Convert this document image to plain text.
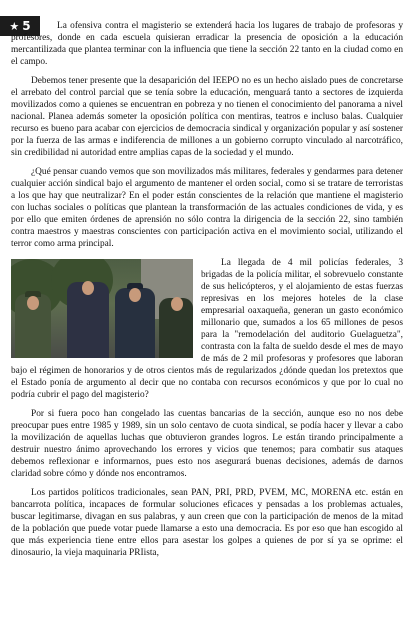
★ 5	La ofensiva contra el magisterio se extenderá hacia los lugares de trabajo de profesoras y profesores, donde en cada escuela quisieran erradicar la presencia de oposición a la educación mercantilizada que plantea terminar con la influencia que tiene la sección 22 tanto en la ciudad como en el campo.

Debemos tener presente que la desaparición del IEEPO no es un hecho aislado pues de concretarse el arrebato del control parcial que se tenía sobre la educación, menguará tanto a sectores de izquierda movilizados como a quienes se encuentran en pobreza y no tienen el conocimiento del panorama a nivel nacional. Planea además someter la oposición política con mentiras, teatros e incluso balas. Cualquier recurso es bueno para acabar con ejercicios de democracia sindical y organización popular y así sostener por la fuerza de las armas e indiferencia de millones a un gobierno corrupto vinculado al narcotráfico, sin credibilidad ni autoridad entre amplias capas de la sociedad y el mundo.

¿Qué pensar cuando vemos que son movilizados más militares, federales y gendarmes para detener cualquier acción sindical bajo el argumento de mantener el orden social, como si se tratare de terroristas a los que hay que neutralizar? En el poder están conscientes de la relación que mantiene el magisterio con luchas sociales o políticas que plantean la transformación de las actuales condiciones de vida, y es por ello que emiten órdenes de aprensión no sólo contra la dirigencia de la sección 22, sino también contra maestros y maestras conscientes con participación activa en el movimiento social, utilizando el terror como arma principal.

La llegada de 4 mil policías federales, 3 brigadas de la policía militar, el sobrevuelo constante de sus helicópteros, y el alojamiento de estas fuerzas represivas en los mejores hoteles de la clase empresarial oaxaqueña, generan un gasto económico millonario que, sumados a los 65 millones de pesos para la "remodelación del auditorio Guelaguetza", contrasta con la falta de sueldo desde el mes de mayo de más de 2 mil profesoras y profesores que laboran bajo el régimen de honorarios y de otros cientos más de regularizados ¿dónde quedan los pretextos que el Estado ponía de argumento al decir que no contaba con recursos económicos y que por lo cual no podría cubrir el pago del magisterio?

Por si fuera poco han congelado las cuentas bancarias de la sección, aunque eso no nos debe preocupar pues entre 1985 y 1989, sin un solo centavo de cuota sindical, se podía hacer y llevar a cabo la movilización de aquellas luchas que obtuvieron grandes logros. Le están tirando principalmente a destruir nuestro ánimo aprovechando los errores y vicios que tenemos; para combatir sus ataques debemos reflexionar e informarnos, pues esto nos asegurará buenas decisiones, además de darnos claridad sobre cómo y dónde nos encontramos.

Los partidos políticos tradicionales, sean PAN, PRI, PRD, PVEM, MC, MORENA etc. están en bancarrota política, incapaces de formular soluciones eficaces y pensadas a los problemas actuales, buscar legitimarse, divagan en sus palabras, y aun creen que con la participación de menos de la mitad de la población que puede votar puede llamarse a esto una democracia. Es por eso que han escogido al que más experiencia tiene entre ellos para asestar los golpes a quienes de por sí ya se oprime: el dinosaurio, la vieja maquinaria PRIista,
